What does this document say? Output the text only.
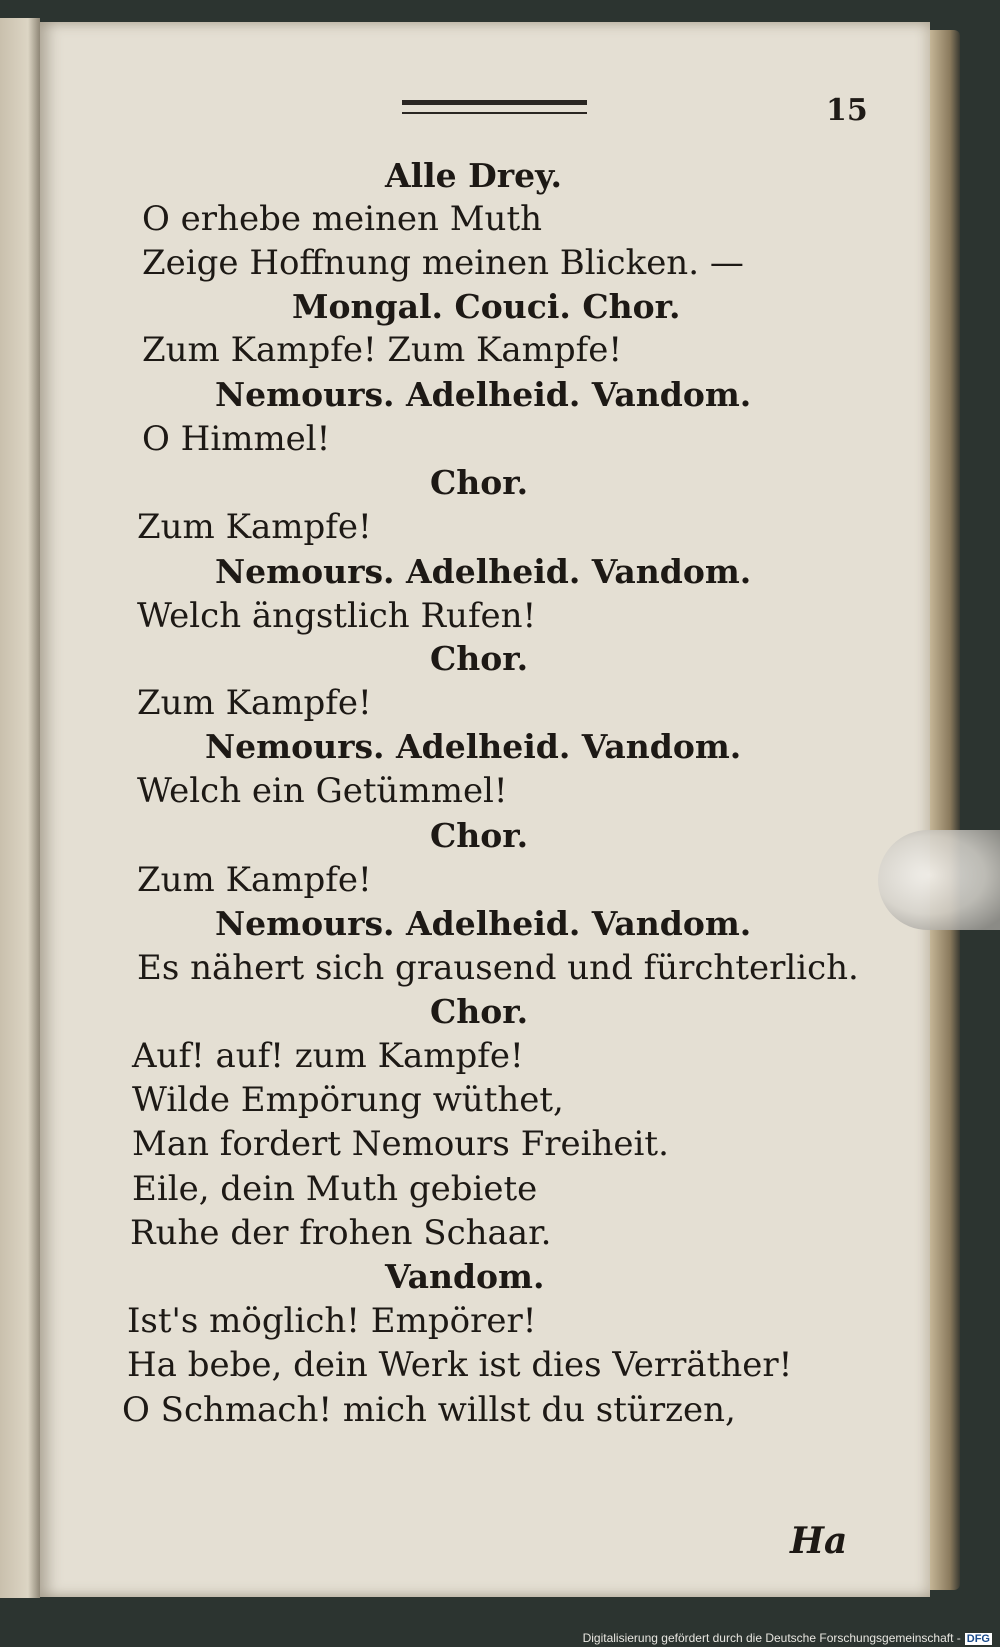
15
Alle Drey.
O erhebe meinen Muth
Zeige Hoffnung meinen Blicken. —
Mongal. Couci. Chor.
Zum Kampfe! Zum Kampfe!
Nemours. Adelheid. Vandom.
O Himmel!
Chor.
Zum Kampfe!
Nemours. Adelheid. Vandom.
Welch ängstlich Rufen!
Chor.
Zum Kampfe!
Nemours. Adelheid. Vandom.
Welch ein Getümmel!
Chor.
Zum Kampfe!
Nemours. Adelheid. Vandom.
Es nähert sich grausend und fürchterlich.
Chor.
Auf! auf! zum Kampfe!
Wilde Empörung wüthet,
Man fordert Nemours Freiheit.
Eile, dein Muth gebiete
Ruhe der frohen Schaar.
Vandom.
Ist's möglich! Empörer!
Ha bebe, dein Werk ist dies Verräther!
O Schmach! mich willst du stürzen,
Ha
Digitalisierung gefördert durch die Deutsche Forschungsgemeinschaft - DFG
